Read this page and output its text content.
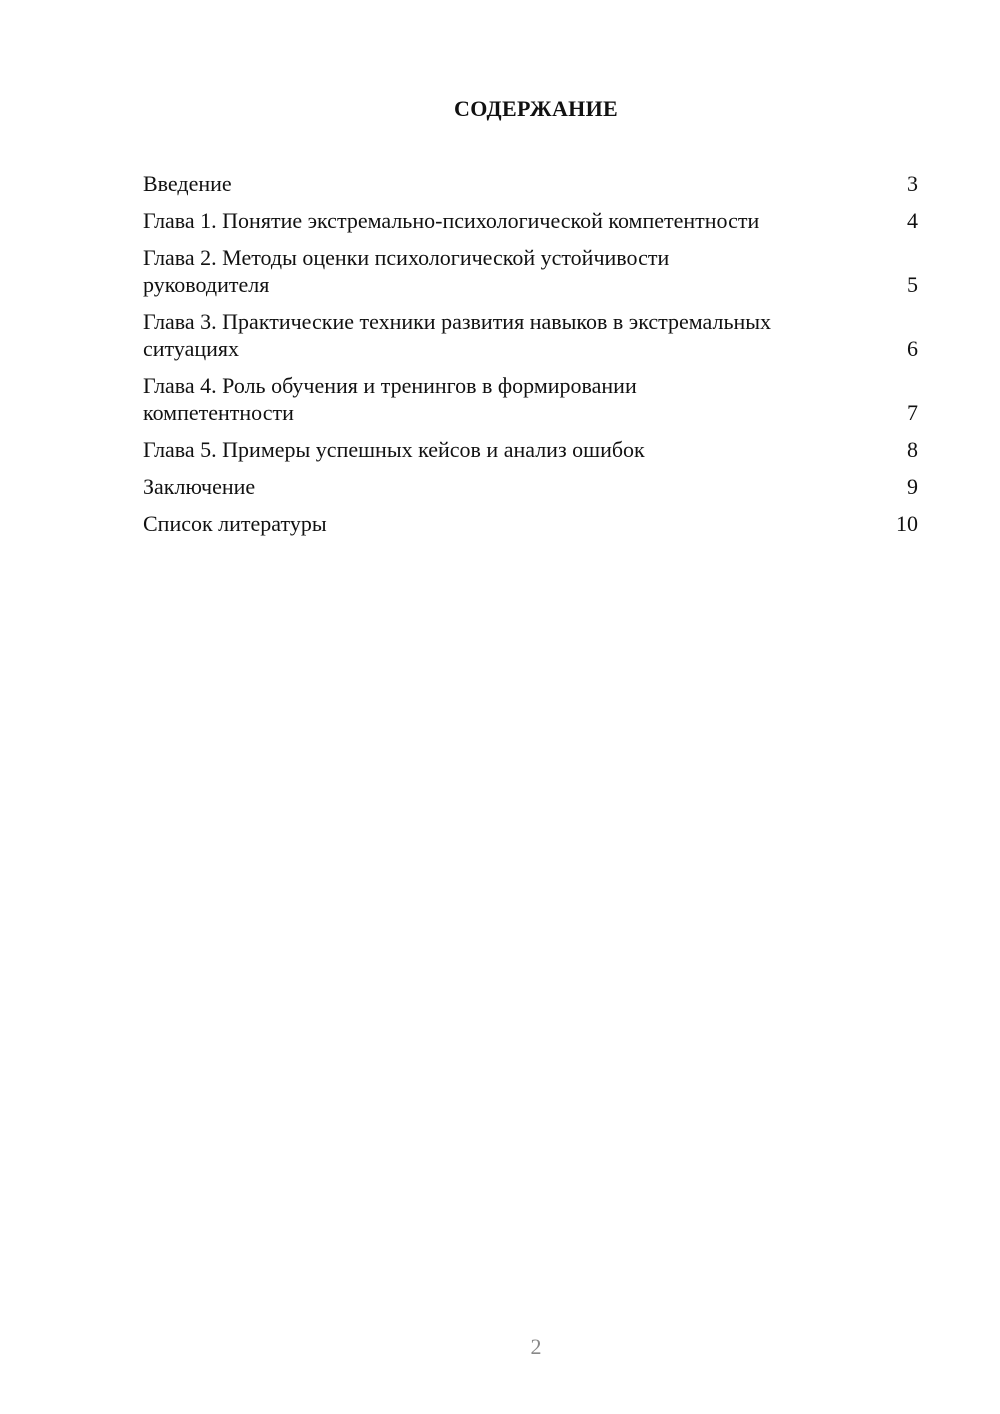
СОДЕРЖАНИЕ
Введение	3
Глава 1. Понятие экстремально-психологической компетентности	4
Глава 2. Методы оценки психологической устойчивости руководителя	5
Глава 3. Практические техники развития навыков в экстремальных ситуациях	6
Глава 4. Роль обучения и тренингов в формировании компетентности	7
Глава 5. Примеры успешных кейсов и анализ ошибок	8
Заключение	9
Список литературы	10
2
